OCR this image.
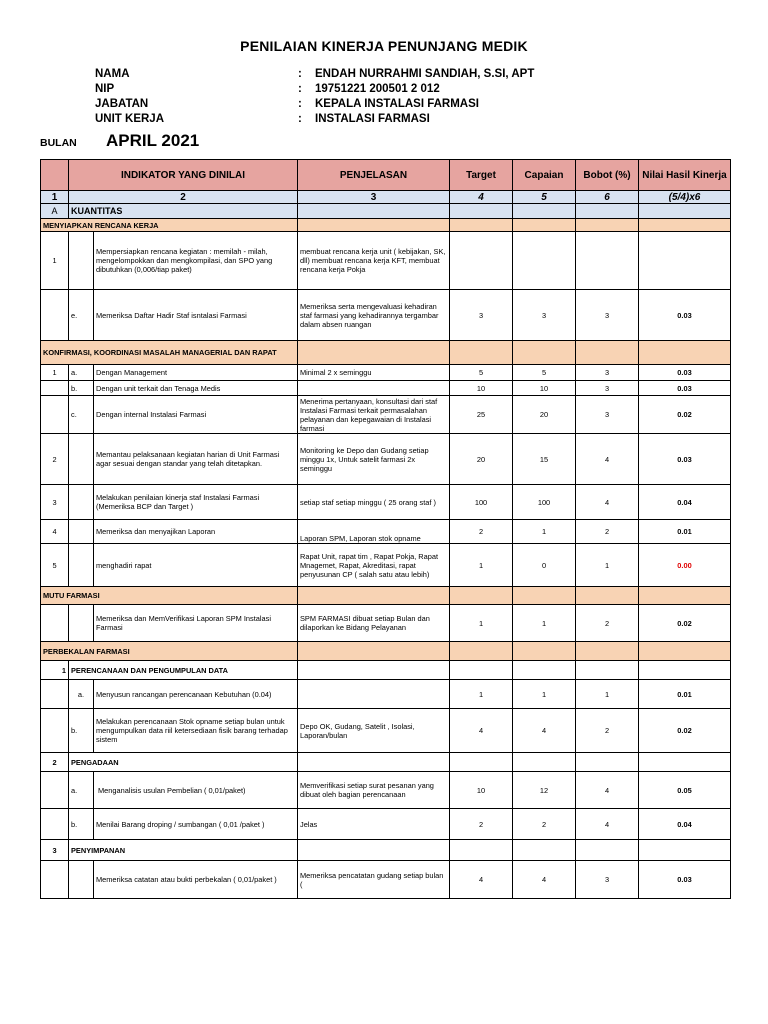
PENILAIAN KINERJA PENUNJANG MEDIK
NAMA	: ENDAH NURRAHMI SANDIAH, S.SI, APT
NIP	: 19751221 200501 2 012
JABATAN	: KEPALA INSTALASI FARMASI
UNIT KERJA	: INSTALASI FARMASI
BULAN APRIL 2021
	INDIKATOR YANG DINILAI		PENJELASAN	Target	Capaian	Bobot (%)	Nilai Hasil Kinerja
1	2		3	4	5	6	(5/4)x6
A	KUANTITAS						
MENYIAPKAN RENCANA KERJA							
1		Mempersiapkan rencana kegiatan : memilah - milah, mengelompokkan dan mengkompilasi, dan SPO yang dibutuhkan (0,006/tiap paket)	membuat rencana kerja unit ( kebijakan, SK, dll) membuat rencana kerja KFT, membuat rencana kerja Pokja				
	e.	Memeriksa Daftar Hadir Staf isntalasi Farmasi	Memeriksa serta mengevaluasi kehadiran staf farmasi yang kehadirannya tergambar dalam absen ruangan	3	3	3	0.03
KONFIRMASI, KOORDINASI MASALAH MANAGERIAL DAN RAPAT							
1	a.	Dengan Management	Minimal 2 x seminggu	5	5	3	0.03
	b.	Dengan unit terkait dan Tenaga Medis		10	10	3	0.03
	c.	Dengan internal Instalasi Farmasi	Menerima pertanyaan, konsultasi dari staf Instalasi Farmasi terkait permasalahan pelayanan dan kepegawaian di Instalasi farmasi	25	20	3	0.02
2		Memantau pelaksanaan kegiatan harian di Unit Farmasi agar sesuai dengan standar yang telah ditetapkan.	Monitoring ke Depo dan Gudang setiap minggu 1x, Untuk satelit farmasi 2x seminggu	20	15	4	0.03
3		Melakukan penilaian kinerja staf Instalasi Farmasi (Memeriksa BCP dan Target )	setiap staf setiap minggu ( 25 orang staf )	100	100	4	0.04
4		Memeriksa dan menyajikan Laporan	Laporan SPM, Laporan stok opname	2	1	2	0.01
5		menghadiri rapat	Rapat Unit, rapat tim , Rapat Pokja, Rapat Mnagemet, Rapat, Akreditasi, rapat penyusunan CP ( salah satu atau lebih)	1	0	1	0.00
MUTU FARMASI							
		Memeriksa dan MemVerifikasi Laporan SPM Instalasi Farmasi	SPM FARMASI dibuat setiap Bulan dan dilaporkan ke Bidang Pelayanan	1	1	2	0.02
PERBEKALAN FARMASI							
1	PERENCANAAN DAN PENGUMPULAN DATA						
	a.	Menyusun rancangan perencanaan Kebutuhan (0.04)		1	1	1	0.01
	b.	Melakukan perencanaan Stok opname setiap bulan untuk mengumpulkan data riil ketersediaan fisik barang terhadap sistem	Depo OK, Gudang, Satelit , Isolasi, Laporan/bulan	4	4	2	0.02
2	PENGADAAN						
	a.	Menganalisis usulan Pembelian ( 0,01/paket)	Memverifikasi setiap surat pesanan yang dibuat oleh bagian perencanaan	10	12	4	0.05
	b.	Menilai Barang droping / sumbangan ( 0,01 /paket )	Jelas	2	2	4	0.04
3	PENYIMPANAN						
		Memeriksa catatan atau bukti perbekalan ( 0,01/paket )	Memeriksa pencatatan gudang setiap bulan (	4	4	3	0.03
